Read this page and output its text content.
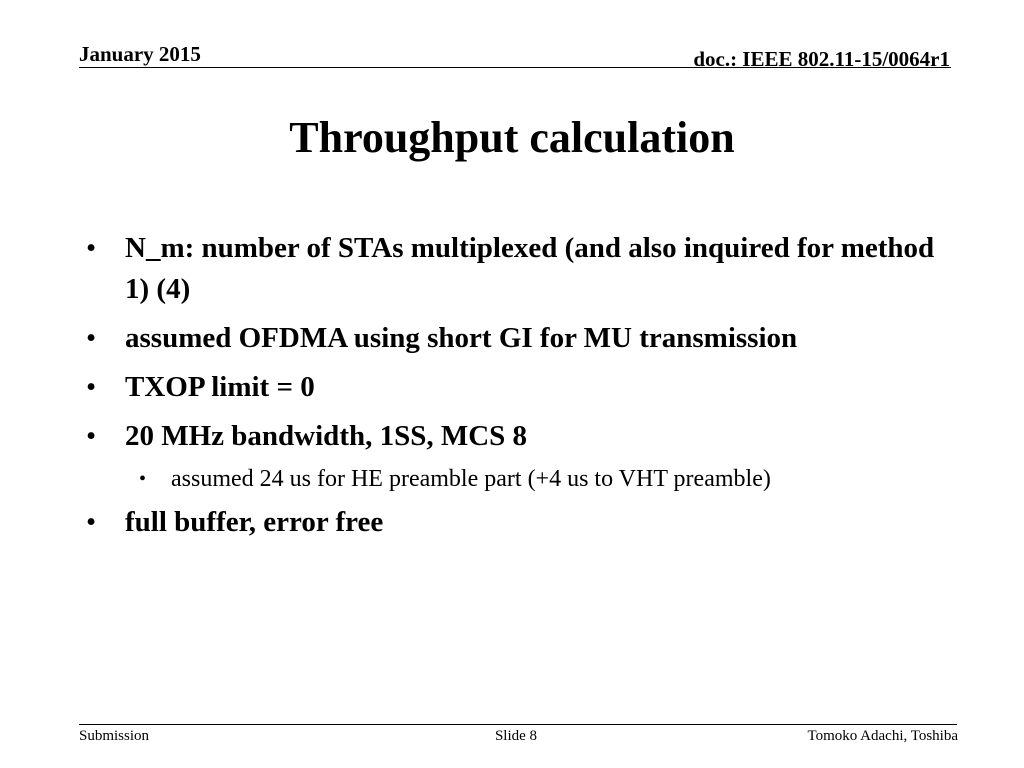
January 2015	doc.: IEEE 802.11-15/0064r1
Throughput calculation
• N_m: number of STAs multiplexed (and also inquired for method 1) (4)
• assumed OFDMA using short GI for MU transmission
• TXOP limit = 0
• 20 MHz bandwidth, 1SS, MCS 8
• assumed 24 us for HE preamble part (+4 us to VHT preamble)
• full buffer, error free
Submission	Slide 8	Tomoko Adachi, Toshiba
